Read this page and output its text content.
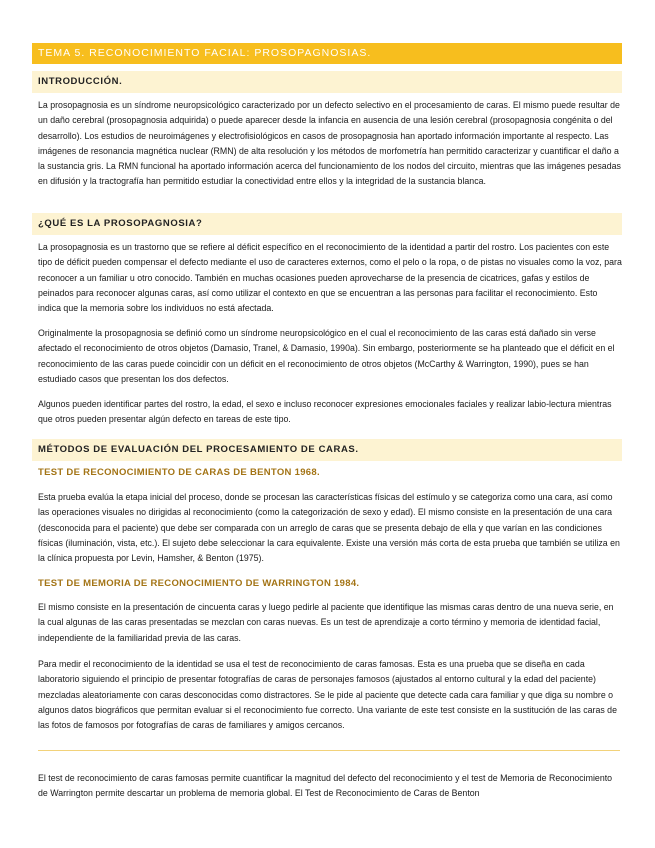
TEMA 5. RECONOCIMIENTO FACIAL: PROSOPAGNOSIAS.
INTRODUCCIÓN.

La prosopagnosia es un síndrome neuropsicológico caracterizado por un defecto selectivo en el procesamiento de caras. El mismo puede resultar de un daño cerebral (prosopagnosia adquirida) o puede aparecer desde la infancia en ausencia de una lesión cerebral (prosopagnosia congénita o del desarrollo). Los estudios de neuroimágenes y electrofisiológicos en casos de prosopagnosia han aportado información importante al respecto. Las imágenes de resonancia magnética nuclear (RMN) de alta resolución y los métodos de morfometría han permitido caracterizar y cuantificar el daño a la sustancia gris. La RMN funcional ha aportado información acerca del funcionamiento de los nodos del circuito, mientras que las imágenes pesadas en difusión y la tractografía han permitido estudiar la conectividad entre ellos y la integridad de la sustancia blanca.

¿QUÉ ES LA PROSOPAGNOSIA?

La prosopagnosia es un trastorno que se refiere al déficit específico en el reconocimiento de la identidad a partir del rostro. Los pacientes con este tipo de déficit pueden compensar el defecto mediante el uso de caracteres externos, como el pelo o la ropa, o de pistas no visuales como la voz, para reconocer a un familiar u otro conocido. También en muchas ocasiones pueden aprovecharse de la presencia de cicatrices, gafas y estilos de peinados para reconocer algunas caras, así como utilizar el contexto en que se encuentran a las personas para facilitar el reconocimiento. Esto indica que la memoria sobre los individuos no está afectada.

Originalmente la prosopagnosia se definió como un síndrome neuropsicológico en el cual el reconocimiento de las caras está dañado sin verse afectado el reconocimiento de otros objetos (Damasio, Tranel, & Damasio, 1990a). Sin embargo, posteriormente se ha planteado que el déficit en el reconocimiento de las caras puede coincidir con un déficit en el reconocimiento de otros objetos (McCarthy & Warrington, 1990), pues se han estudiado casos que presentan los dos defectos.

Algunos pueden identificar partes del rostro, la edad, el sexo e incluso reconocer expresiones emocionales faciales y realizar labio-lectura mientras que otros pueden presentar algún defecto en tareas de este tipo.

MÉTODOS DE EVALUACIÓN DEL PROCESAMIENTO DE CARAS.
TEST DE RECONOCIMIENTO DE CARAS DE BENTON 1968.

Esta prueba evalúa la etapa inicial del proceso, donde se procesan las características físicas del estímulo y se categoriza como una cara, así como las operaciones visuales no dirigidas al reconocimiento (como la categorización de sexo y edad). El mismo consiste en la presentación de una cara (desconocida para el paciente) que debe ser comparada con un arreglo de caras que se presenta debajo de ella y que varían en las condiciones físicas (iluminación, vista, etc.). El sujeto debe seleccionar la cara equivalente. Existe una versión más corta de esta prueba que también se utiliza en la clínica propuesta por Levin, Hamsher, & Benton (1975).

TEST DE MEMORIA DE RECONOCIMIENTO DE WARRINGTON 1984.

El mismo consiste en la presentación de cincuenta caras y luego pedirle al paciente que identifique las mismas caras dentro de una nueva serie, en la cual algunas de las caras presentadas se mezclan con caras nuevas. Es un test de aprendizaje a corto término y memoria de identidad facial, independiente de la familiaridad previa de las caras.

Para medir el reconocimiento de la identidad se usa el test de reconocimiento de caras famosas. Esta es una prueba que se diseña en cada laboratorio siguiendo el principio de presentar fotografías de caras de personajes famosos (ajustados al entorno cultural y la edad del paciente) mezcladas aleatoriamente con caras desconocidas como distractores. Se le pide al paciente que detecte cada cara familiar y que diga su nombre o algunos datos biográficos que permitan evaluar si el reconocimiento fue correcto. Una variante de este test consiste en la sustitución de las caras de las fotos de famosos por fotografías de caras de familiares y amigos cercanos.

El test de reconocimiento de caras famosas permite cuantificar la magnitud del defecto del reconocimiento y el test de Memoria de Reconocimiento de Warrington permite descartar un problema de memoria global. El Test de Reconocimiento de Caras de Benton
